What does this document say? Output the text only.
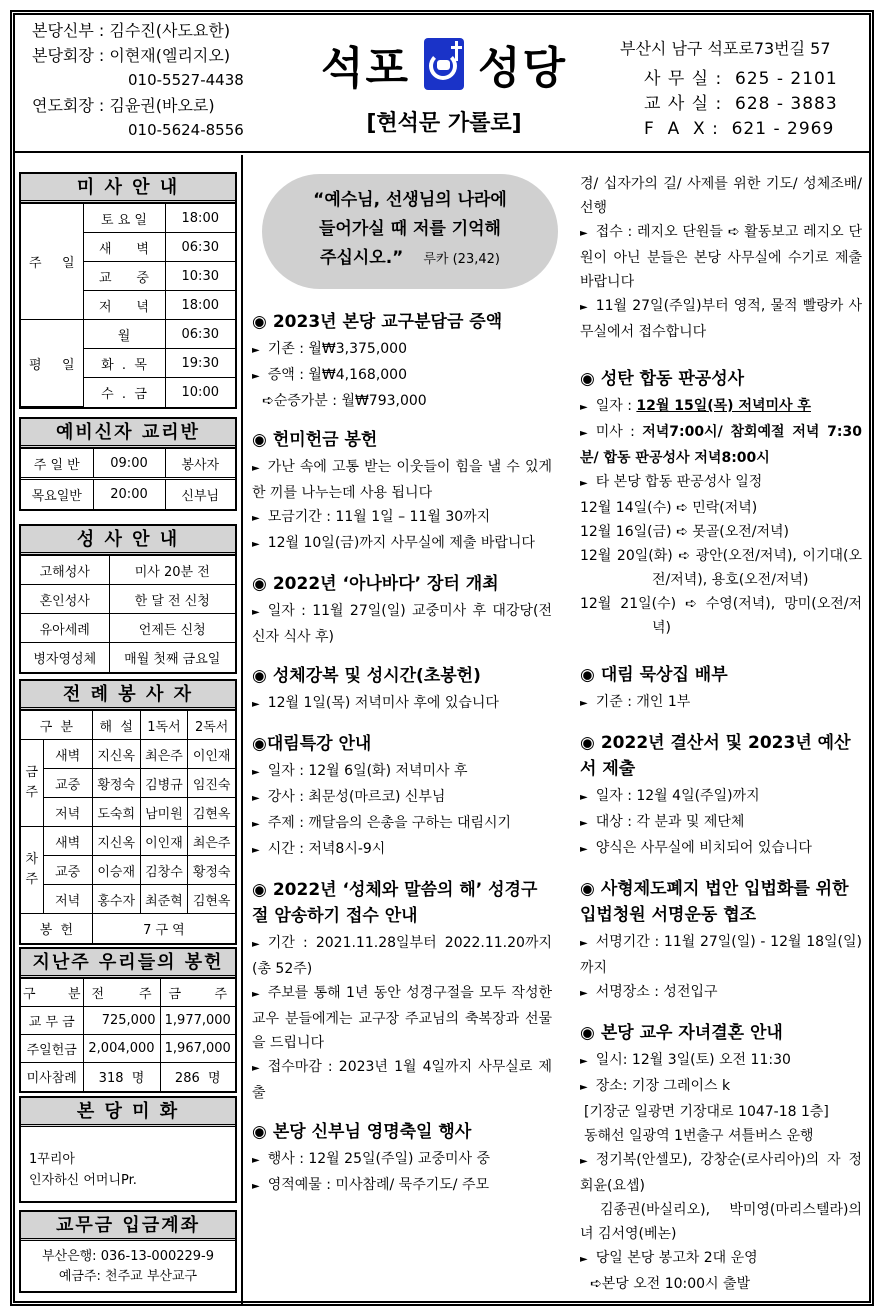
본당신부 : 김수진(사도요한)
본당회장 : 이현재(엘리지오)
010-5527-4438
연도회장 : 김윤권(바오로)
010-5624-8556
석포 성당
[현석문 가롤로]
부산시 남구 석포로73번길 57
사 무 실 :  625 - 2101
교 사 실 :  628 - 3883
F  A  X :  621 - 2969
미 사 안 내
주 일	토 요 일	18:00
	새      벽	06:30
	교      중	10:30
	저      녁	18:00

평 일	월	06:30
	화  .  목	19:30
	수  .  금	10:00
예비신자 교리반
주 일 반	09:00	봉사자
목요일반	20:00	신부님
성 사 안 내
고해성사	미사 20분 전
혼인성사	한 달 전 신청
유아세례	언제든 신청
병자영성체	매월 첫째 금요일
전 례 봉 사 자
구  분		해  설	1독서	2독서
금주	새벽	지신옥	최은주	이인재
	교중	황정숙	김병규	임진숙
	저녁	도숙희	남미원	김현옥
차주	새벽	지신옥	이인재	최은주
	교중	이승재	김창수	황정숙
	저녁	홍수자	최준혁	김현옥
봉  헌		7 구 역		
지난주 우리들의 봉헌
구 분	전 주	금 주

교 무 금	725,000	1,977,000
주일헌금	2,004,000	1,967,000
미사참례	318  명	286  명
본 당 미 화
1꾸리아
인자하신 어머니Pr.
교무금 입금계좌
부산은행: 036-13-000229-9
예금주: 천주교 부산교구
“예수님, 선생님의 나라에
들어가실 때 저를 기억해
주십시오.” 루카 (23,42)
◉ 2023년 본당 교구분담금 증액
► 기존 : 월₩3,375,000
► 증액 : 월₩4,168,000
➪순증가분 : 월₩793,000
◉ 헌미헌금 봉헌
► 가난 속에 고통 받는 이웃들이 힘을 낼 수 있게 한 끼를 나누는데 사용 됩니다
► 모금기간 : 11월 1일 – 11월 30까지
► 12월 10일(금)까지 사무실에 제출 바랍니다
◉ 2022년 ‘아나바다’ 장터 개최
► 일자 : 11월 27일(일) 교중미사 후 대강당(전신자 식사 후)
◉ 성체강복 및 성시간(초봉헌)
► 12월 1일(목) 저녁미사 후에 있습니다
◉대림특강 안내
► 일자 : 12월 6일(화) 저녁미사 후
► 강사 : 최문성(마르코) 신부님
► 주제 : 깨달음의 은총을 구하는 대림시기
► 시간 : 저녁8시-9시
◉ 2022년 ‘성체와 말씀의 해’ 성경구절 암송하기 접수 안내
► 기간 : 2021.11.28일부터 2022.11.20까지(총 52주)
► 주보를 통해 1년 동안 성경구절을 모두 작성한 교우 분들에게는 교구장 주교님의 축복장과 선물을 드립니다
► 접수마감 : 2023년 1월 4일까지 사무실로 제출
◉ 본당 신부님 영명축일 행사
► 행사 : 12월 25일(주일) 교중미사 중
► 영적예물 : 미사참례/ 묵주기도/ 주모
경/ 십자가의 길/ 사제를 위한 기도/ 성체조배/ 선행
► 접수 : 레지오 단원들 ➪ 활동보고 레지오 단원이 아닌 분들은 본당 사무실에 수기로 제출 바랍니다
► 11월 27일(주일)부터 영적, 물적 빨랑카 사무실에서 접수합니다
◉ 성탄 합동 판공성사
► 일자 : 12월 15일(목) 저녁미사 후
► 미사 : 저녁7:00시/ 참회예절 저녁 7:30분/ 합동 판공성사 저녁8:00시
► 타 본당 합동 판공성사 일정
12월 14일(수) ➪ 민락(저녁)
12월 16일(금) ➪ 못골(오전/저녁)
12월 20일(화) ➪ 광안(오전/저녁), 이기대(오전/저녁), 용호(오전/저녁)
12월 21일(수) ➪ 수영(저녁), 망미(오전/저녁)
◉ 대림 묵상집 배부
► 기준 : 개인 1부
◉ 2022년 결산서 및 2023년 예산서 제출
► 일자 : 12월 4일(주일)까지
► 대상 : 각 분과 및 제단체
► 양식은 사무실에 비치되어 있습니다
◉ 사형제도폐지 법안 입법화를 위한 입법청원 서명운동 협조
► 서명기간 : 11월 27일(일) - 12월 18일(일)까지
► 서명장소 : 성전입구
◉ 본당 교우 자녀결혼 안내
► 일시: 12월 3일(토) 오전 11:30
► 장소: 기장 그레이스 k
[기장군 일광면 기장대로 1047-18 1층]
동해선 일광역 1번출구 셔틀버스 운행
► 정기복(안셀모), 강창순(로사리아)의 자 정회윤(요셉)
김종권(바실리오), 박미영(마리스텔라)의 녀 김서영(베논)
► 당일 본당 봉고차 2대 운영
➪본당 오전 10:00시 출발
